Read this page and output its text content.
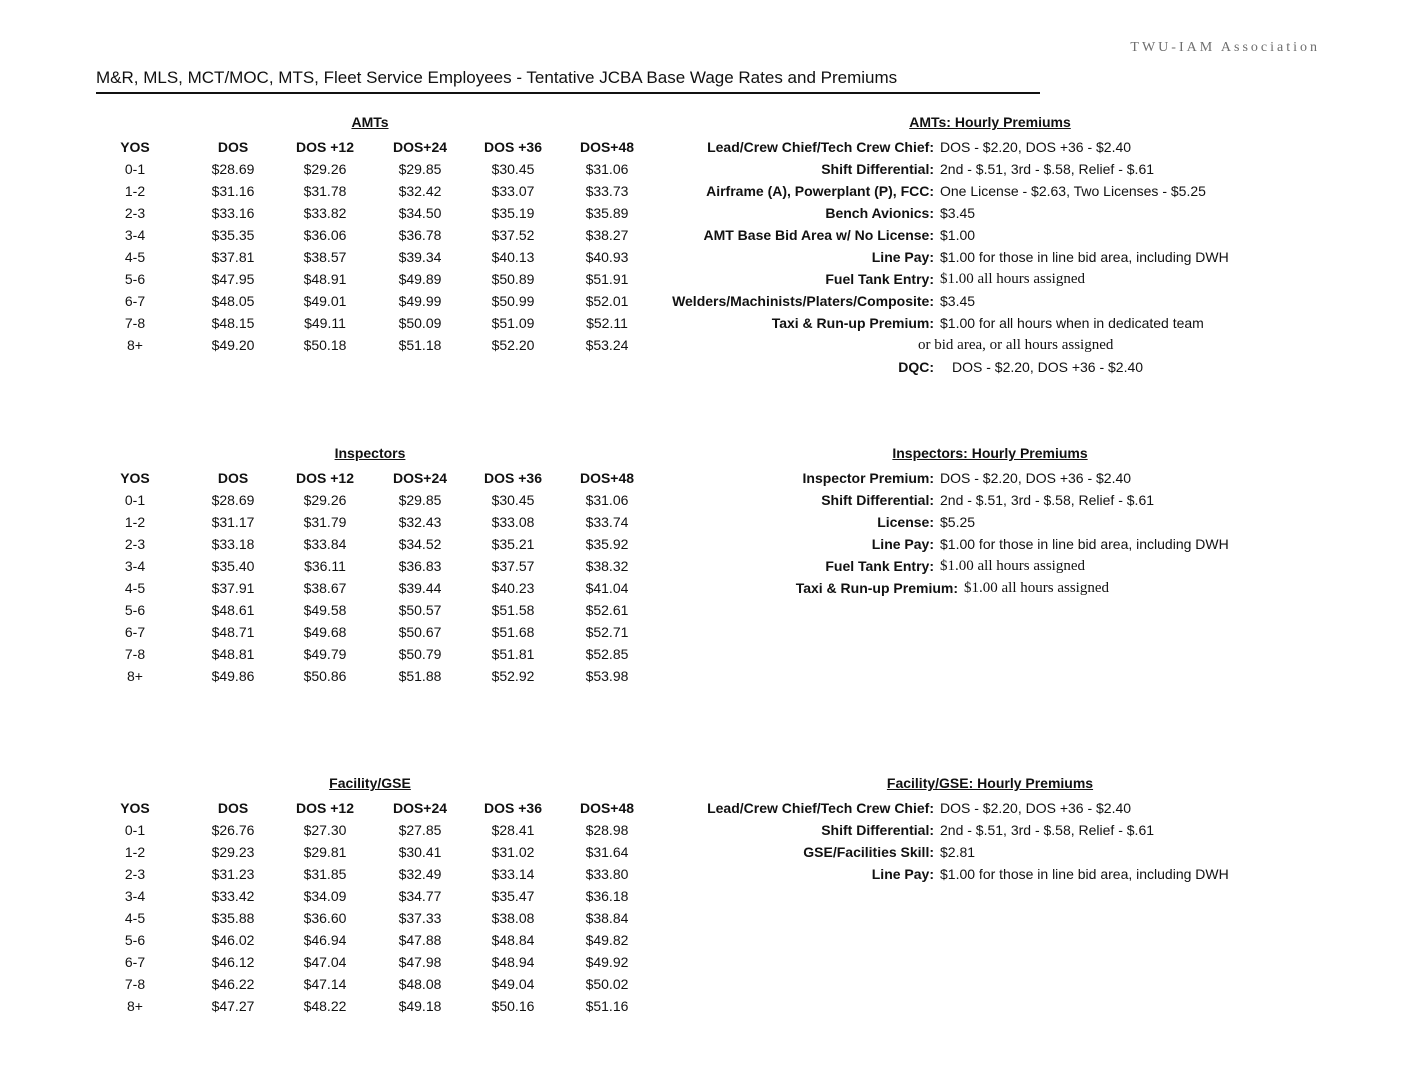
TWU-IAM Association
M&R, MLS, MCT/MOC, MTS, Fleet Service Employees - Tentative JCBA Base Wage Rates and Premiums
AMTs
YOS	DOS	DOS +12	DOS+24	DOS +36	DOS+48
0-1	$28.69	$29.26	$29.85	$30.45	$31.06
1-2	$31.16	$31.78	$32.42	$33.07	$33.73
2-3	$33.16	$33.82	$34.50	$35.19	$35.89
3-4	$35.35	$36.06	$36.78	$37.52	$38.27
4-5	$37.81	$38.57	$39.34	$40.13	$40.93
5-6	$47.95	$48.91	$49.89	$50.89	$51.91
6-7	$48.05	$49.01	$49.99	$50.99	$52.01
7-8	$48.15	$49.11	$50.09	$51.09	$52.11
8+	$49.20	$50.18	$51.18	$52.20	$53.24
AMTs: Hourly Premiums
Lead/Crew Chief/Tech Crew Chief: DOS - $2.20, DOS +36 - $2.40
Shift Differential: 2nd - $.51, 3rd - $.58, Relief - $.61
Airframe (A), Powerplant (P), FCC: One License - $2.63, Two Licenses - $5.25
Bench Avionics: $3.45
AMT Base Bid Area w/ No License: $1.00
Line Pay: $1.00 for those in line bid area, including DWH
Fuel Tank Entry: $1.00 all hours assigned
Welders/Machinists/Platers/Composite: $3.45
Taxi & Run-up Premium: $1.00 for all hours when in dedicated team
or bid area, or all hours assigned
DQC: DOS - $2.20, DOS +36 - $2.40
Inspectors
YOS	DOS	DOS +12	DOS+24	DOS +36	DOS+48
0-1	$28.69	$29.26	$29.85	$30.45	$31.06
1-2	$31.17	$31.79	$32.43	$33.08	$33.74
2-3	$33.18	$33.84	$34.52	$35.21	$35.92
3-4	$35.40	$36.11	$36.83	$37.57	$38.32
4-5	$37.91	$38.67	$39.44	$40.23	$41.04
5-6	$48.61	$49.58	$50.57	$51.58	$52.61
6-7	$48.71	$49.68	$50.67	$51.68	$52.71
7-8	$48.81	$49.79	$50.79	$51.81	$52.85
8+	$49.86	$50.86	$51.88	$52.92	$53.98
Inspectors: Hourly Premiums
Inspector Premium: DOS - $2.20, DOS +36 - $2.40
Shift Differential: 2nd - $.51, 3rd - $.58, Relief - $.61
License: $5.25
Line Pay: $1.00 for those in line bid area, including DWH
Fuel Tank Entry: $1.00 all hours assigned
Taxi & Run-up Premium: $1.00 all hours assigned
Facility/GSE
YOS	DOS	DOS +12	DOS+24	DOS +36	DOS+48
0-1	$26.76	$27.30	$27.85	$28.41	$28.98
1-2	$29.23	$29.81	$30.41	$31.02	$31.64
2-3	$31.23	$31.85	$32.49	$33.14	$33.80
3-4	$33.42	$34.09	$34.77	$35.47	$36.18
4-5	$35.88	$36.60	$37.33	$38.08	$38.84
5-6	$46.02	$46.94	$47.88	$48.84	$49.82
6-7	$46.12	$47.04	$47.98	$48.94	$49.92
7-8	$46.22	$47.14	$48.08	$49.04	$50.02
8+	$47.27	$48.22	$49.18	$50.16	$51.16
Facility/GSE: Hourly Premiums
Lead/Crew Chief/Tech Crew Chief: DOS - $2.20, DOS +36 - $2.40
Shift Differential: 2nd - $.51, 3rd - $.58, Relief - $.61
GSE/Facilities Skill: $2.81
Line Pay: $1.00 for those in line bid area, including DWH
